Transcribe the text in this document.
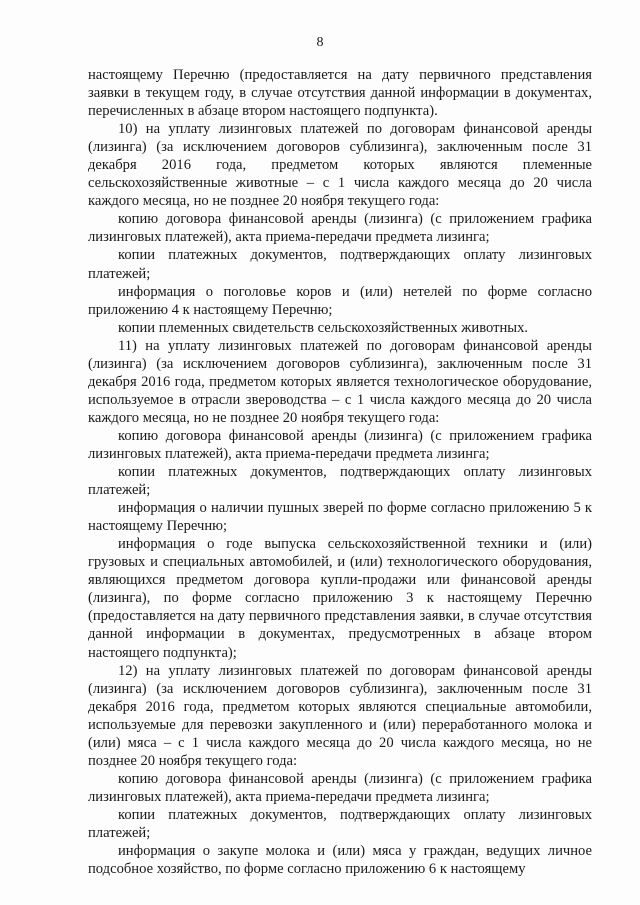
8

настоящему Перечню (предоставляется на дату первичного представления заявки в текущем году, в случае отсутствия данной информации в документах, перечисленных в абзаце втором настоящего подпункта).

10) на уплату лизинговых платежей по договорам финансовой аренды (лизинга) (за исключением договоров сублизинга), заключенным после 31 декабря 2016 года, предметом которых являются племенные сельскохозяйственные животные – с 1 числа каждого месяца до 20 числа каждого месяца, но не позднее 20 ноября текущего года:

копию договора финансовой аренды (лизинга) (с приложением графика лизинговых платежей), акта приема-передачи предмета лизинга;

копии платежных документов, подтверждающих оплату лизинговых платежей;

информация о поголовье коров и (или) нетелей по форме согласно приложению 4 к настоящему Перечню;

копии племенных свидетельств сельскохозяйственных животных.

11) на уплату лизинговых платежей по договорам финансовой аренды (лизинга) (за исключением договоров сублизинга), заключенным после 31 декабря 2016 года, предметом которых является технологическое оборудование, используемое в отрасли звероводства – с 1 числа каждого месяца до 20 числа каждого месяца, но не позднее 20 ноября текущего года:

копию договора финансовой аренды (лизинга) (с приложением графика лизинговых платежей), акта приема-передачи предмета лизинга;

копии платежных документов, подтверждающих оплату лизинговых платежей;

информация о наличии пушных зверей по форме согласно приложению 5 к настоящему Перечню;

информация о годе выпуска сельскохозяйственной техники и (или) грузовых и специальных автомобилей, и (или) технологического оборудования, являющихся предметом договора купли-продажи или финансовой аренды (лизинга), по форме согласно приложению 3 к настоящему Перечню (предоставляется на дату первичного представления заявки, в случае отсутствия данной информации в документах, предусмотренных в абзаце втором настоящего подпункта);

12) на уплату лизинговых платежей по договорам финансовой аренды (лизинга) (за исключением договоров сублизинга), заключенным после 31 декабря 2016 года, предметом которых являются специальные автомобили, используемые для перевозки закупленного и (или) переработанного молока и (или) мяса – с 1 числа каждого месяца до 20 числа каждого месяца, но не позднее 20 ноября текущего года:

копию договора финансовой аренды (лизинга) (с приложением графика лизинговых платежей), акта приема-передачи предмета лизинга;

копии платежных документов, подтверждающих оплату лизинговых платежей;

информация о закупе молока и (или) мяса у граждан, ведущих личное подсобное хозяйство, по форме согласно приложению 6 к настоящему
